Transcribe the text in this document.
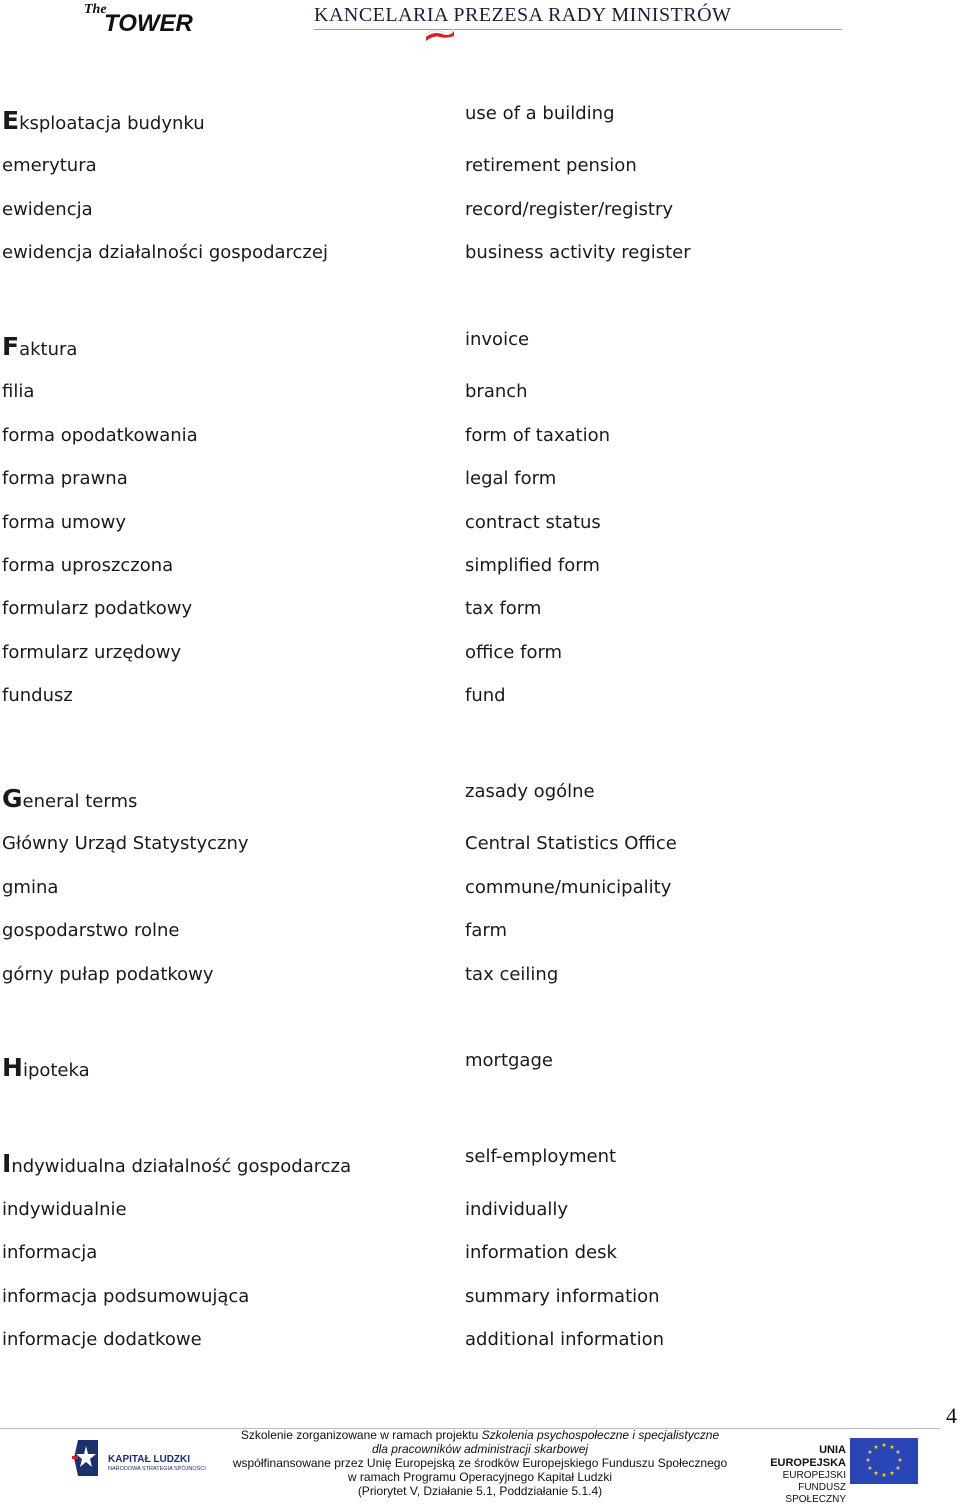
The
TOWER	KANCELARIA PREZESA RADY MINISTRÓW
Eksploatacja budynku	use of a building
emerytura	retirement pension
ewidencja	record/register/registry
ewidencja działalności gospodarczej	business activity register
Faktura	invoice
filia	branch
forma opodatkowania	form of taxation
forma prawna	legal form
forma umowy	contract status
forma uproszczona	simplified form
formularz podatkowy	tax form
formularz urzędowy	office form
fundusz	fund
General terms	zasady ogólne
Główny Urząd Statystyczny	Central Statistics Office
gmina	commune/municipality
gospodarstwo rolne	farm
górny pułap podatkowy	tax ceiling
Hipoteka	mortgage
Indywidualna działalność gospodarcza	self-employment
indywidualnie	individually
informacja	information desk
informacja podsumowująca	summary information
informacje dodatkowe	additional information
4
KAPITAŁ LUDZKI
NARODOWA STRATEGIA SPÓJNOŚCI
Szkolenie zorganizowane w ramach projektu Szkolenia psychospołeczne i specjalistyczne
dla pracowników administracji skarbowej
współfinansowane przez Unię Europejską ze środków Europejskiego Funduszu Społecznego
w ramach Programu Operacyjnego Kapitał Ludzki
(Priorytet V, Działanie 5.1, Poddziałanie 5.1.4)
UNIA EUROPEJSKA
EUROPEJSKI
FUNDUSZ SPOŁECZNY
★ ★
★
★
★
★
★
★
★
★
★
★
